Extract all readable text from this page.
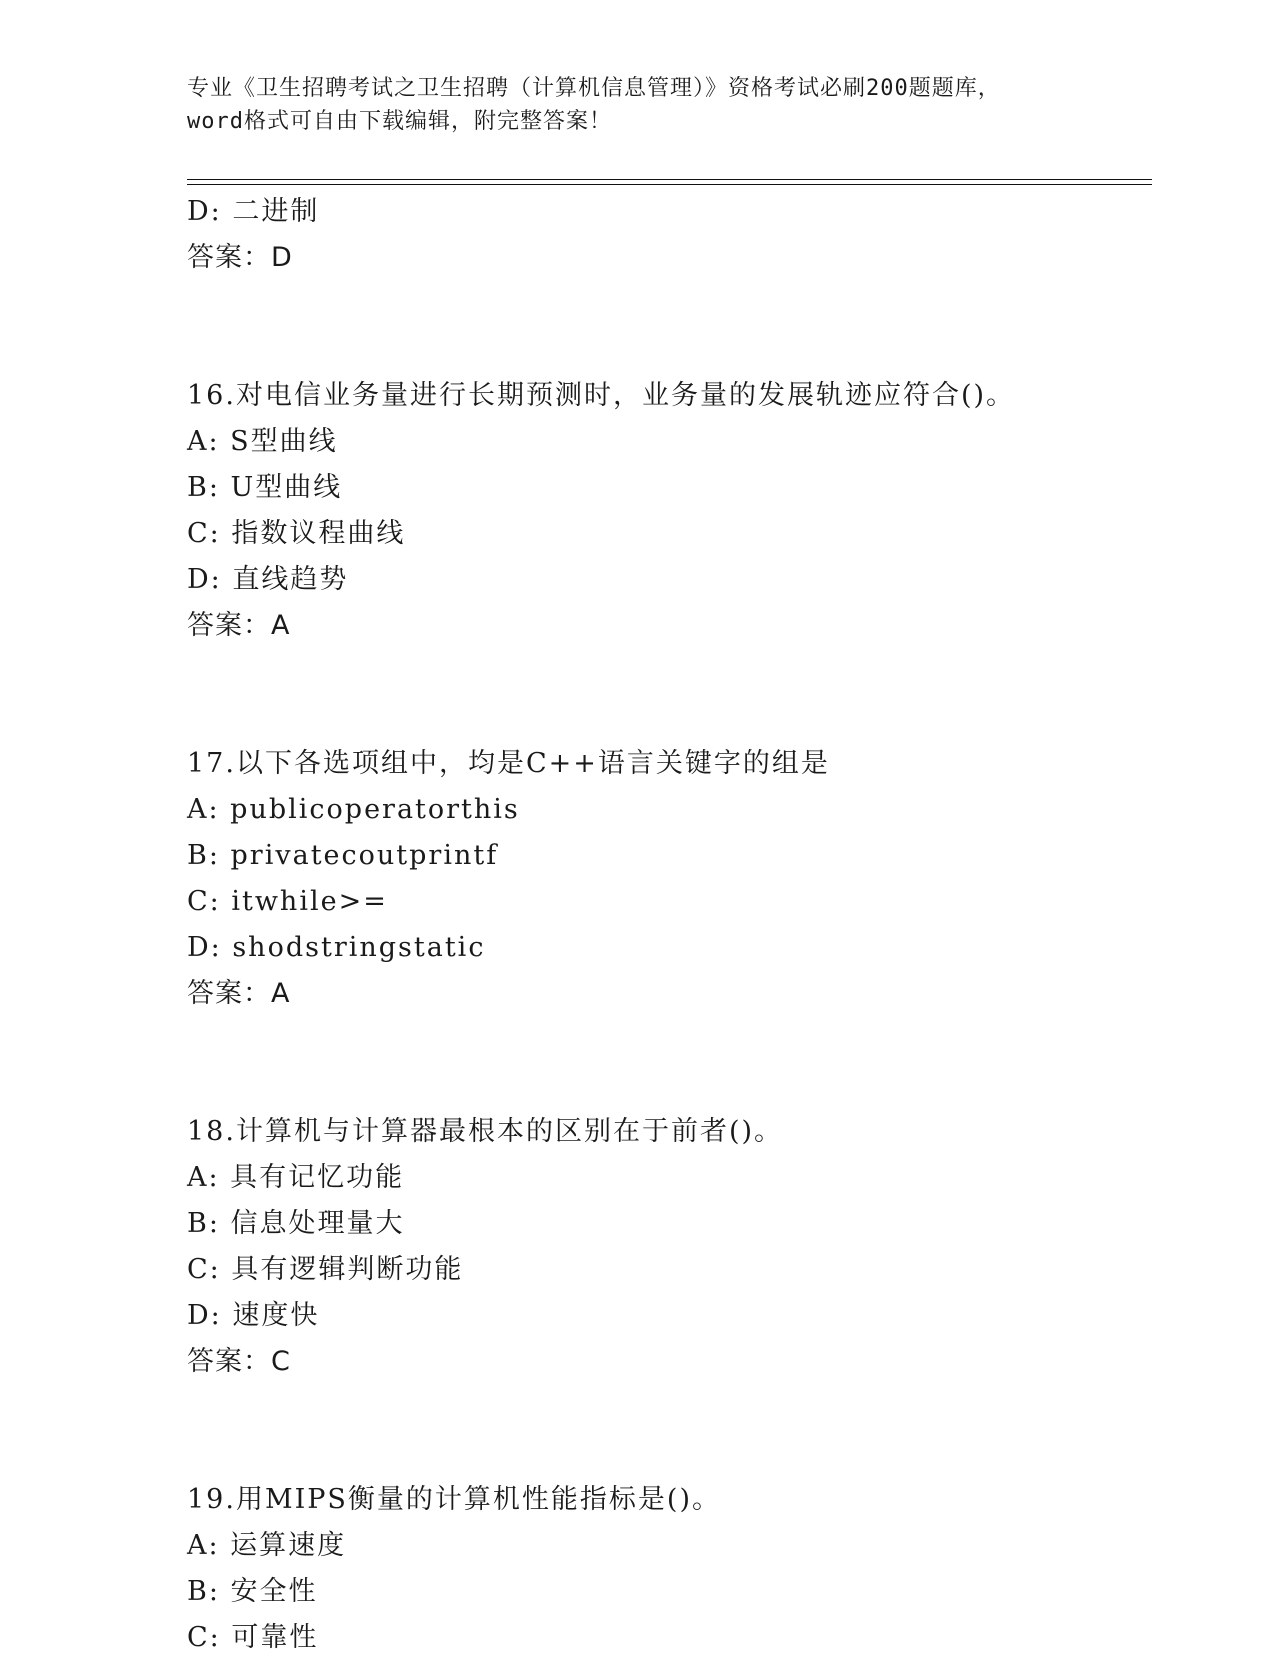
专业《卫生招聘考试之卫生招聘（计算机信息管理）》资格考试必刷200题题库，
word格式可自由下载编辑，附完整答案！
D: 二进制
答案：D
16.对电信业务量进行长期预测时，业务量的发展轨迹应符合()。
A: S型曲线
B: U型曲线
C: 指数议程曲线
D: 直线趋势
答案：A
17.以下各选项组中，均是C++语言关键字的组是
A: publicoperatorthis
B: privatecoutprintf
C: itwhile>=
D: shodstringstatic
答案：A
18.计算机与计算器最根本的区别在于前者()。
A: 具有记忆功能
B: 信息处理量大
C: 具有逻辑判断功能
D: 速度快
答案：C
19.用MIPS衡量的计算机性能指标是()。
A: 运算速度
B: 安全性
C: 可靠性
